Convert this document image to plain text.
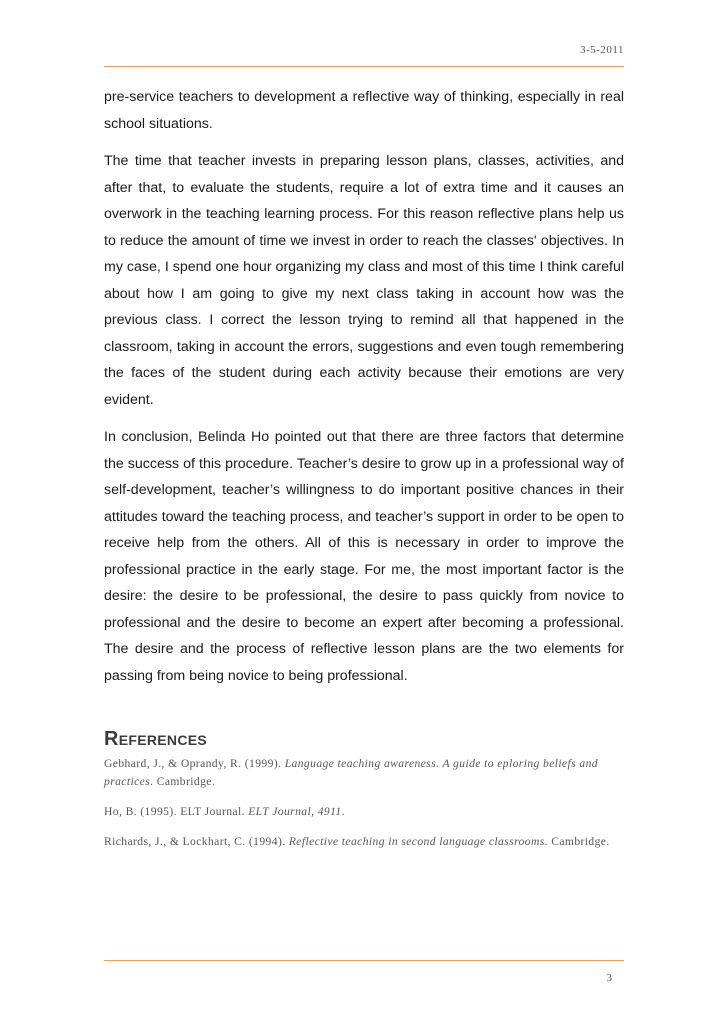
3-5-2011

pre-service teachers to development a reflective way of thinking, especially in real school situations.

The time that teacher invests in preparing lesson plans, classes, activities, and after that, to evaluate the students, require a lot of extra time and it causes an overwork in the teaching learning process. For this reason reflective plans help us to reduce the amount of time we invest in order to reach the classes' objectives. In my case, I spend one hour organizing my class and most of this time I think careful about how I am going to give my next class taking in account how was the previous class. I correct the lesson trying to remind all that happened in the classroom, taking in account the errors, suggestions and even tough remembering the faces of the student during each activity because their emotions are very evident.

In conclusion, Belinda Ho pointed out that there are three factors that determine the success of this procedure. Teacher’s desire to grow up in a professional way of self-development, teacher’s willingness to do important positive chances in their attitudes toward the teaching process, and teacher’s support in order to be open to receive help from the others. All of this is necessary in order to improve the professional practice in the early stage. For me, the most important factor is the desire: the desire to be professional, the desire to pass quickly from novice to professional and the desire to become an expert after becoming a professional. The desire and the process of reflective lesson plans are the two elements for passing from being novice to being professional.

References

Gebhard, J., & Oprandy, R. (1999). Language teaching awareness. A guide to eploring beliefs and practices. Cambridge.

Ho, B. (1995). ELT Journal. ELT Journal, 4911.

Richards, J., & Lockhart, C. (1994). Reflective teaching in second language classrooms. Cambridge.

3
